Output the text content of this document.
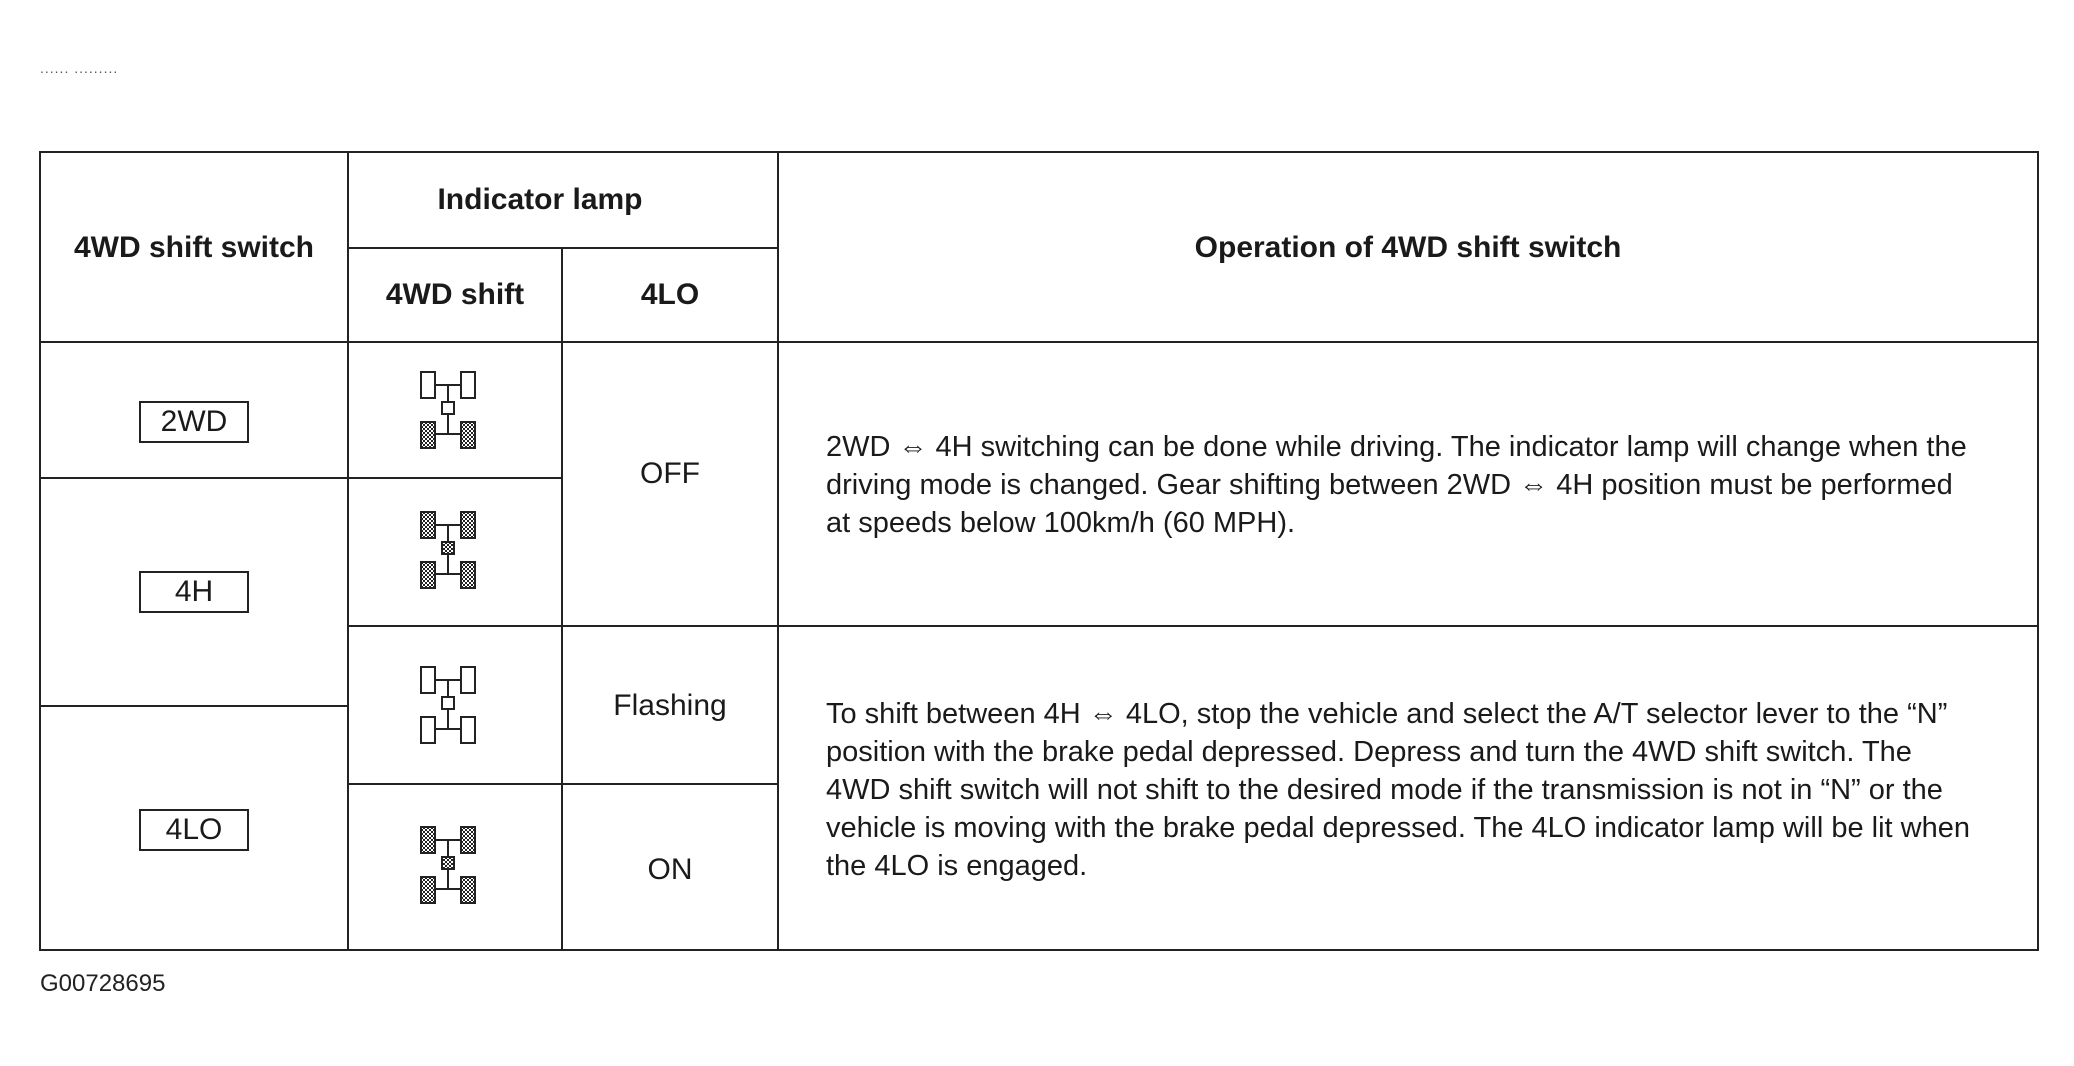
...... .........
4WD shift switch
Indicator lamp
4WD shift	4LO
Operation of 4WD shift switch
2WD
4H
4LO
OFF
Flashing
ON
2WD ⇔ 4H switching can be done while driving. The indicator lamp will change when the driving mode is changed. Gear shifting between 2WD ⇔ 4H position must be performed at speeds below 100km/h (60 MPH).
To shift between 4H ⇔ 4LO, stop the vehicle and select the A/T selector lever to the “N” position with the brake pedal depressed. Depress and turn the 4WD shift switch. The 4WD shift switch will not shift to the desired mode if the transmission is not in “N” or the vehicle is moving with the brake pedal depressed. The 4LO indicator lamp will be lit when the 4LO is engaged.
G00728695
